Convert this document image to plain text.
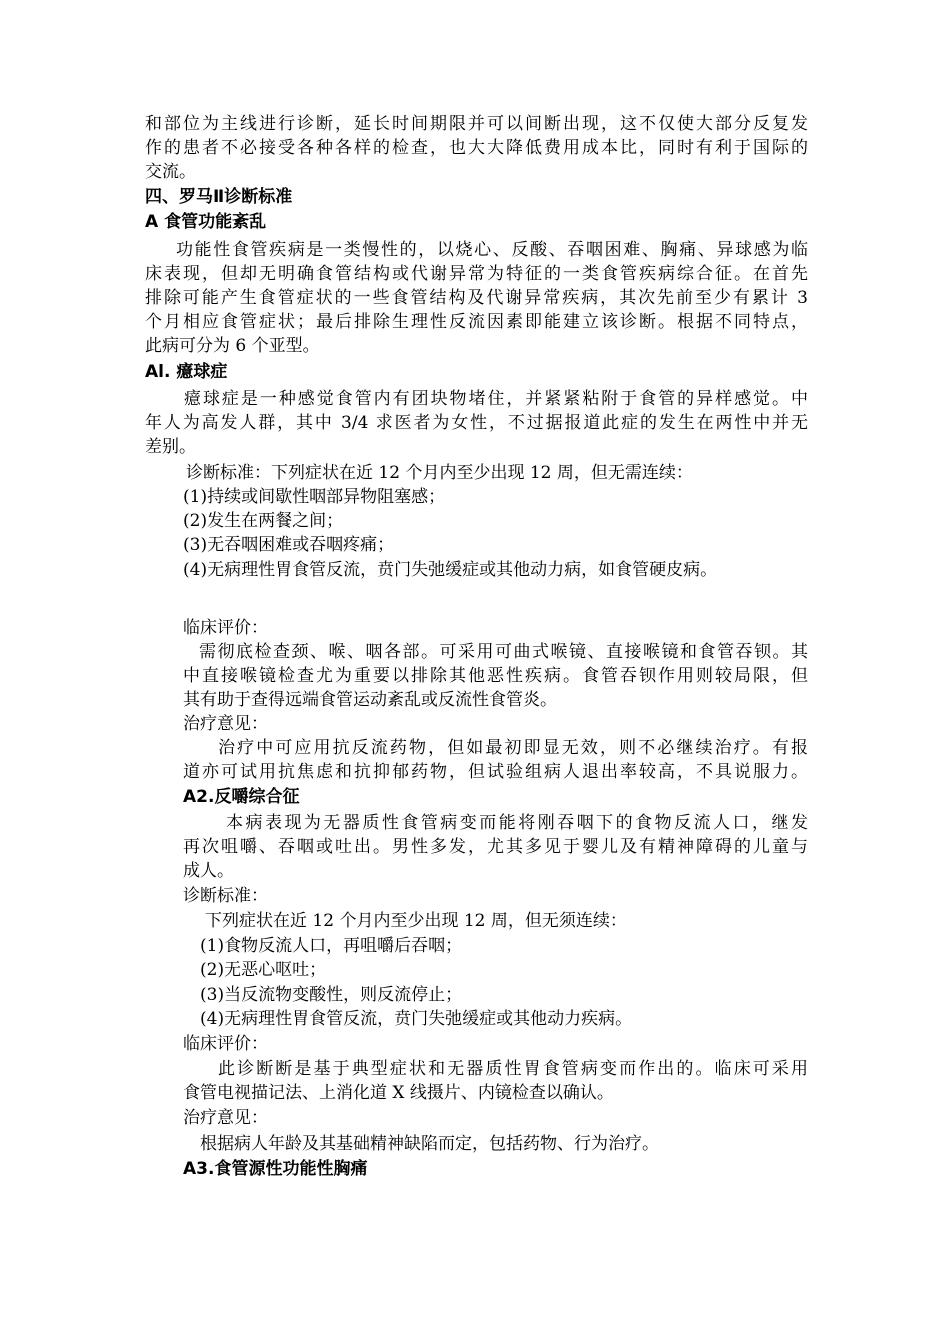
和部位为主线进行诊断，延长时间期限并可以间断出现，这不仅使大部分反复发
作的患者不必接受各种各样的检查，也大大降低费用成本比，同时有利于国际的
交流。
四、罗马Ⅱ诊断标准
A 食管功能紊乱
功能性食管疾病是一类慢性的，以烧心、反酸、吞咽困难、胸痛、异球感为临
床表现，但却无明确食管结构或代谢异常为特征的一类食管疾病综合征。在首先
排除可能产生食管症状的一些食管结构及代谢异常疾病，其次先前至少有累计 3
个月相应食管症状；最后排除生理性反流因素即能建立该诊断。根据不同特点，
此病可分为 6 个亚型。
Al. 癔球症
癔球症是一种感觉食管内有团块物堵住，并紧紧粘附于食管的异样感觉。中
年人为高发人群，其中 3/4 求医者为女性，不过据报道此症的发生在两性中并无
差别。
诊断标准：下列症状在近 12 个月内至少出现 12 周，但无需连续：
(1)持续或间歇性咽部异物阻塞感；
(2)发生在两餐之间；
(3)无吞咽困难或吞咽疼痛；
(4)无病理性胃食管反流，贲门失弛缓症或其他动力病，如食管硬皮病。
临床评价：
需彻底检查颈、喉、咽各部。可采用可曲式喉镜、直接喉镜和食管吞钡。其
中直接喉镜检查尤为重要以排除其他恶性疾病。食管吞钡作用则较局限，但
其有助于查得远端食管运动紊乱或反流性食管炎。
治疗意见：
治疗中可应用抗反流药物，但如最初即显无效，则不必继续治疗。有报
道亦可试用抗焦虑和抗抑郁药物，但试验组病人退出率较高，不具说服力。
A2.反嚼综合征
本病表现为无器质性食管病变而能将刚吞咽下的食物反流人口，继发
再次咀嚼、吞咽或吐出。男性多发，尤其多见于婴儿及有精神障碍的儿童与
成人。
诊断标准：
下列症状在近 12 个月内至少出现 12 周，但无须连续：
(1)食物反流人口，再咀嚼后吞咽；
(2)无恶心呕吐；
(3)当反流物变酸性，则反流停止；
(4)无病理性胃食管反流，贲门失弛缓症或其他动力疾病。
临床评价：
此诊断断是基于典型症状和无器质性胃食管病变而作出的。临床可采用
食管电视描记法、上消化道 X 线摄片、内镜检查以确认。
治疗意见：
根据病人年龄及其基础精神缺陷而定，包括药物、行为治疗。
A3.食管源性功能性胸痛
